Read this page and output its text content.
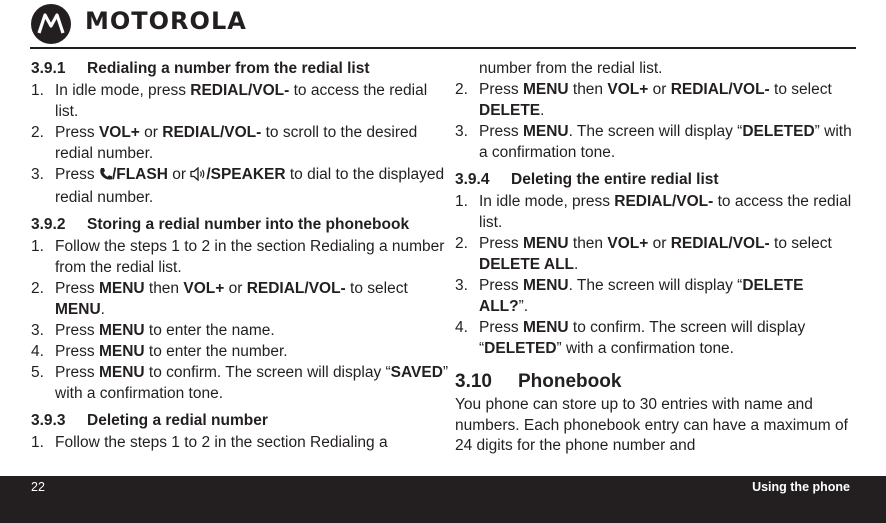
MOTOROLA
3.9.1 Redialing a number from the redial list
1. In idle mode, press REDIAL/VOL- to access the redial list.
2. Press VOL+ or REDIAL/VOL- to scroll to the desired redial number.
3. Press /FLASH or /SPEAKER to dial to the displayed redial number.
3.9.2 Storing a redial number into the phonebook
1. Follow the steps 1 to 2 in the section Redialing a number from the redial list.
2. Press MENU then VOL+ or REDIAL/VOL- to select MENU.
3. Press MENU to enter the name.
4. Press MENU to enter the number.
5. Press MENU to confirm. The screen will display “SAVED” with a confirmation tone.
3.9.3 Deleting a redial number
1. Follow the steps 1 to 2 in the section Redialing a
number from the redial list.
2. Press MENU then VOL+ or REDIAL/VOL- to select DELETE.
3. Press MENU. The screen will display “DELETED” with a confirmation tone.
3.9.4 Deleting the entire redial list
1. In idle mode, press REDIAL/VOL- to access the redial list.
2. Press MENU then VOL+ or REDIAL/VOL- to select DELETE ALL.
3. Press MENU. The screen will display “DELETE ALL?”.
4. Press MENU to confirm. The screen will display “DELETED” with a confirmation tone.
3.10 Phonebook
You phone can store up to 30 entries with name and numbers. Each phonebook entry can have a maximum of 24 digits for the phone number and
22	Using the phone
